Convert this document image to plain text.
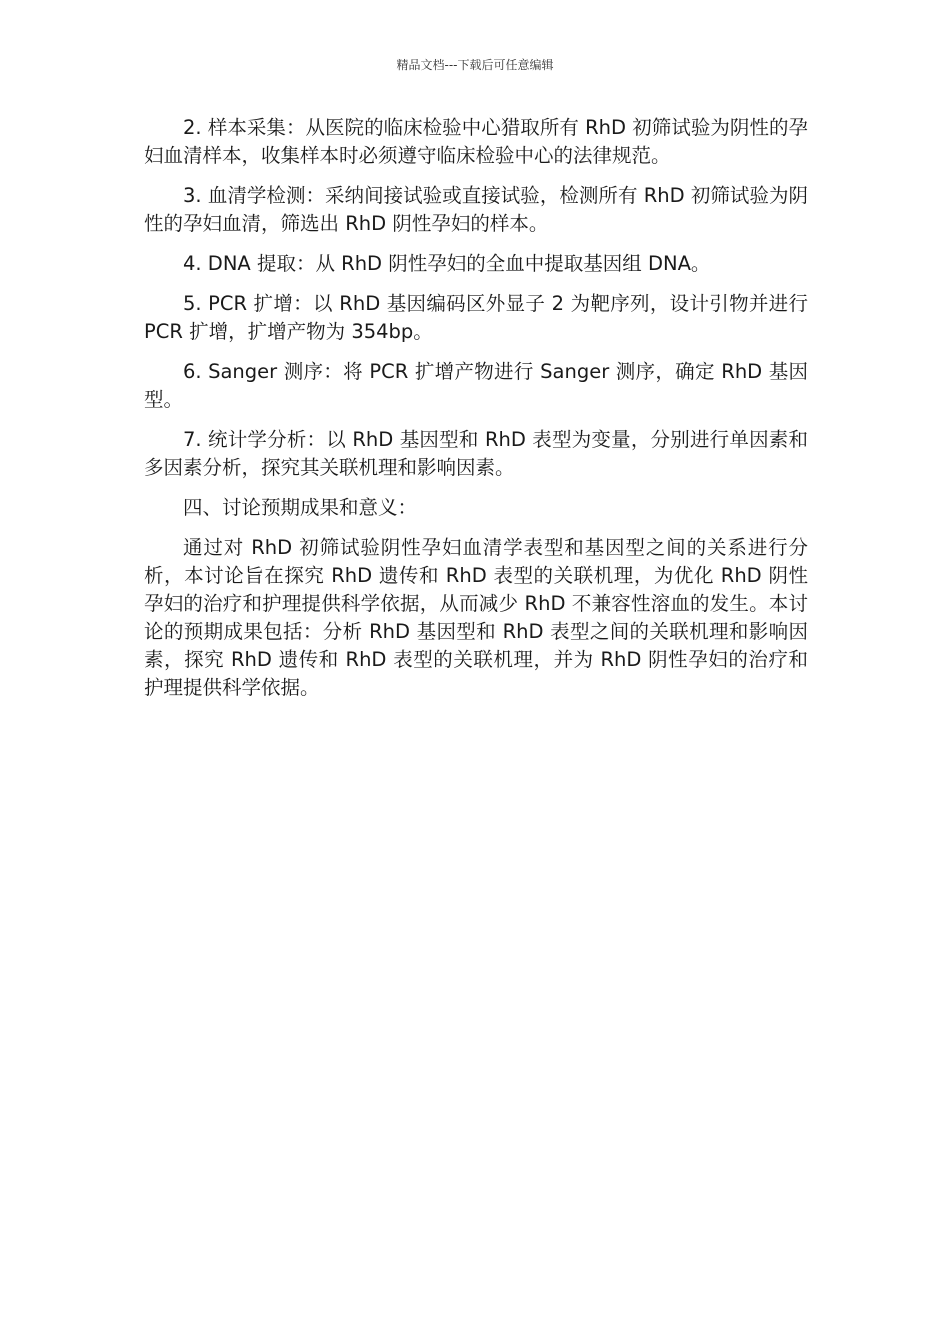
精品文档---下载后可任意编辑

2. 样本采集：从医院的临床检验中心猎取所有 RhD 初筛试验为阴性的孕妇血清样本，收集样本时必须遵守临床检验中心的法律规范。

3. 血清学检测：采纳间接试验或直接试验，检测所有 RhD 初筛试验为阴性的孕妇血清，筛选出 RhD 阴性孕妇的样本。

4. DNA 提取：从 RhD 阴性孕妇的全血中提取基因组 DNA。

5. PCR 扩增：以 RhD 基因编码区外显子 2 为靶序列，设计引物并进行 PCR 扩增，扩增产物为 354bp。

6. Sanger 测序：将 PCR 扩增产物进行 Sanger 测序，确定 RhD 基因型。

7. 统计学分析：以 RhD 基因型和 RhD 表型为变量，分别进行单因素和多因素分析，探究其关联机理和影响因素。

四、讨论预期成果和意义：

通过对 RhD 初筛试验阴性孕妇血清学表型和基因型之间的关系进行分析，本讨论旨在探究 RhD 遗传和 RhD 表型的关联机理，为优化 RhD 阴性孕妇的治疗和护理提供科学依据，从而减少 RhD 不兼容性溶血的发生。本讨论的预期成果包括：分析 RhD 基因型和 RhD 表型之间的关联机理和影响因素，探究 RhD 遗传和 RhD 表型的关联机理，并为 RhD 阴性孕妇的治疗和护理提供科学依据。
